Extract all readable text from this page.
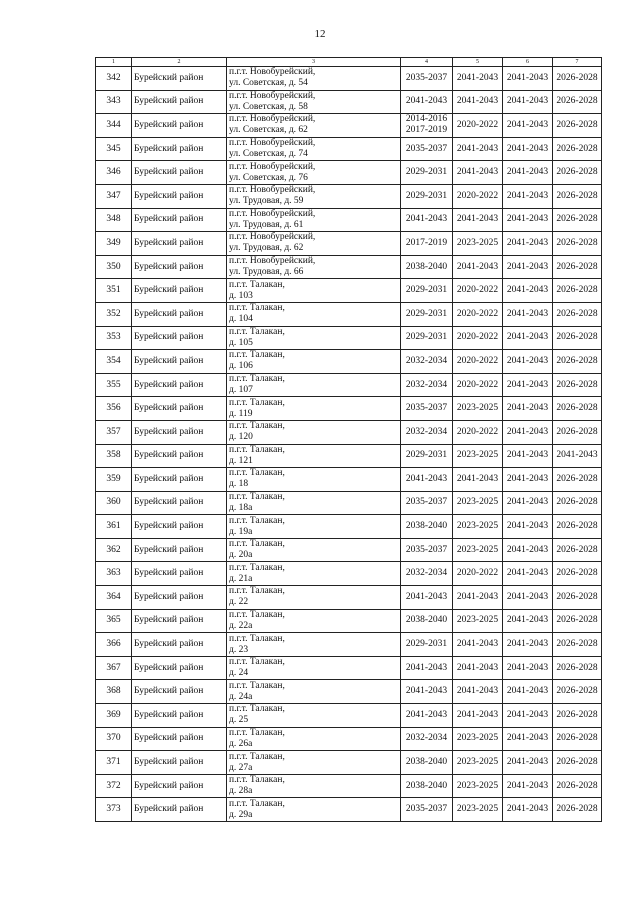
12
1	2	3	4	5	6	7
342	Бурейский район	п.г.т. Новобурейский,
ул. Советская, д. 54	2035-2037	2041-2043	2041-2043	2026-2028
343	Бурейский район	п.г.т. Новобурейский,
ул. Советская, д. 58	2041-2043	2041-2043	2041-2043	2026-2028
344	Бурейский район	п.г.т. Новобурейский,
ул. Советская, д. 62	2014-2016
2017-2019	2020-2022	2041-2043	2026-2028
345	Бурейский район	п.г.т. Новобурейский,
ул. Советская, д. 74	2035-2037	2041-2043	2041-2043	2026-2028
346	Бурейский район	п.г.т. Новобурейский,
ул. Советская, д. 76	2029-2031	2041-2043	2041-2043	2026-2028
347	Бурейский район	п.г.т. Новобурейский,
ул. Трудовая, д. 59	2029-2031	2020-2022	2041-2043	2026-2028
348	Бурейский район	п.г.т. Новобурейский,
ул. Трудовая, д. 61	2041-2043	2041-2043	2041-2043	2026-2028
349	Бурейский район	п.г.т. Новобурейский,
ул. Трудовая, д. 62	2017-2019	2023-2025	2041-2043	2026-2028
350	Бурейский район	п.г.т. Новобурейский,
ул. Трудовая, д. 66	2038-2040	2041-2043	2041-2043	2026-2028
351	Бурейский район	п.г.т. Талакан,
д. 103	2029-2031	2020-2022	2041-2043	2026-2028
352	Бурейский район	п.г.т. Талакан,
д. 104	2029-2031	2020-2022	2041-2043	2026-2028
353	Бурейский район	п.г.т. Талакан,
д. 105	2029-2031	2020-2022	2041-2043	2026-2028
354	Бурейский район	п.г.т. Талакан,
д. 106	2032-2034	2020-2022	2041-2043	2026-2028
355	Бурейский район	п.г.т. Талакан,
д. 107	2032-2034	2020-2022	2041-2043	2026-2028
356	Бурейский район	п.г.т. Талакан,
д. 119	2035-2037	2023-2025	2041-2043	2026-2028
357	Бурейский район	п.г.т. Талакан,
д. 120	2032-2034	2020-2022	2041-2043	2026-2028
358	Бурейский район	п.г.т. Талакан,
д. 121	2029-2031	2023-2025	2041-2043	2041-2043
359	Бурейский район	п.г.т. Талакан,
д. 18	2041-2043	2041-2043	2041-2043	2026-2028
360	Бурейский район	п.г.т. Талакан,
д. 18а	2035-2037	2023-2025	2041-2043	2026-2028
361	Бурейский район	п.г.т. Талакан,
д. 19а	2038-2040	2023-2025	2041-2043	2026-2028
362	Бурейский район	п.г.т. Талакан,
д. 20а	2035-2037	2023-2025	2041-2043	2026-2028
363	Бурейский район	п.г.т. Талакан,
д. 21а	2032-2034	2020-2022	2041-2043	2026-2028
364	Бурейский район	п.г.т. Талакан,
д. 22	2041-2043	2041-2043	2041-2043	2026-2028
365	Бурейский район	п.г.т. Талакан,
д. 22а	2038-2040	2023-2025	2041-2043	2026-2028
366	Бурейский район	п.г.т. Талакан,
д. 23	2029-2031	2041-2043	2041-2043	2026-2028
367	Бурейский район	п.г.т. Талакан,
д. 24	2041-2043	2041-2043	2041-2043	2026-2028
368	Бурейский район	п.г.т. Талакан,
д. 24а	2041-2043	2041-2043	2041-2043	2026-2028
369	Бурейский район	п.г.т. Талакан,
д. 25	2041-2043	2041-2043	2041-2043	2026-2028
370	Бурейский район	п.г.т. Талакан,
д. 26а	2032-2034	2023-2025	2041-2043	2026-2028
371	Бурейский район	п.г.т. Талакан,
д. 27а	2038-2040	2023-2025	2041-2043	2026-2028
372	Бурейский район	п.г.т. Талакан,
д. 28а	2038-2040	2023-2025	2041-2043	2026-2028
373	Бурейский район	п.г.т. Талакан,
д. 29а	2035-2037	2023-2025	2041-2043	2026-2028
